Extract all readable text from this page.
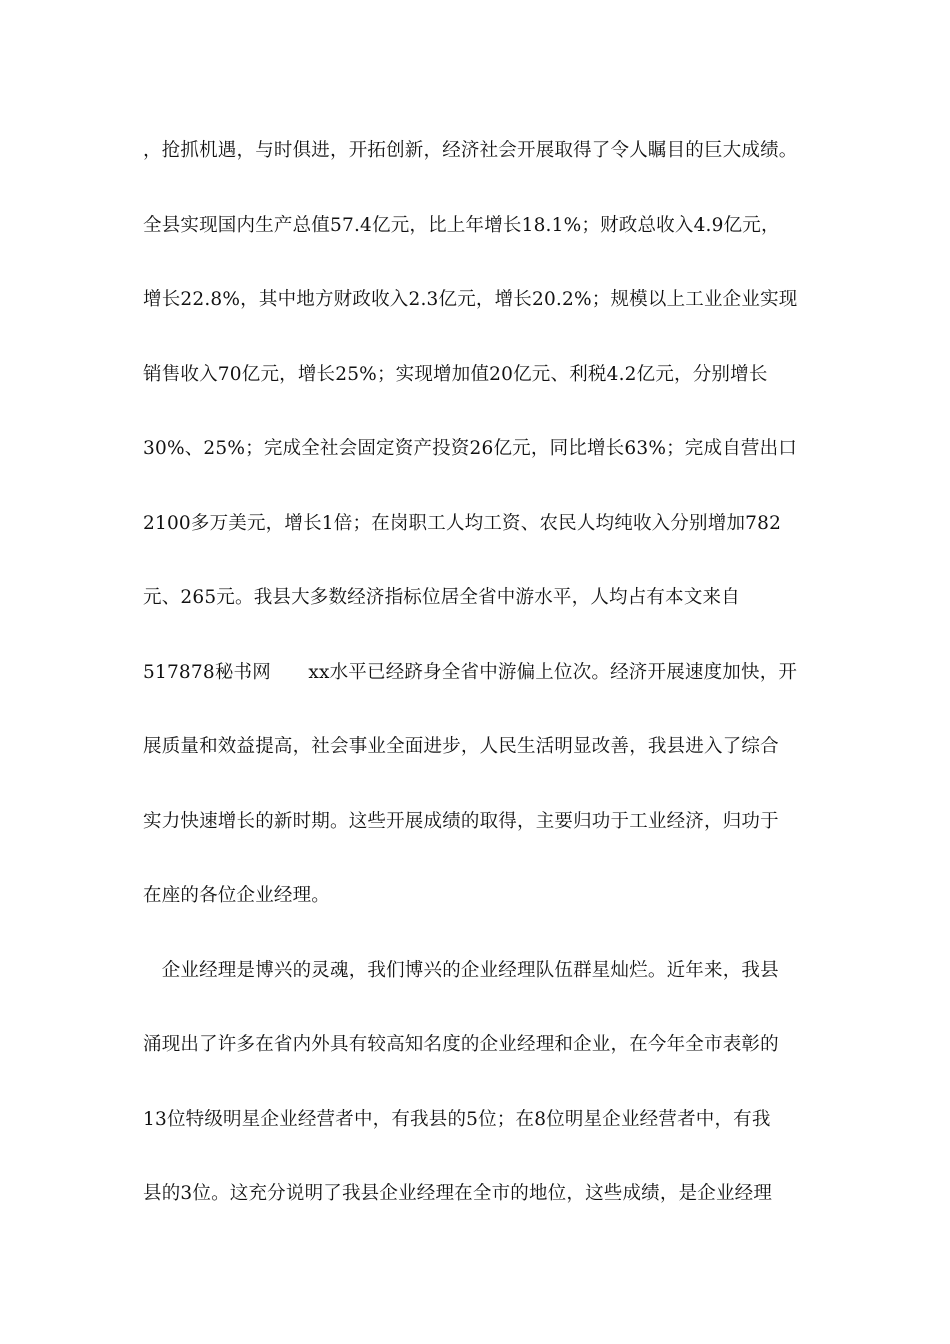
，抢抓机遇，与时俱进，开拓创新，经济社会开展取得了令人瞩目的巨大成绩。
全县实现国内生产总值57.4亿元，比上年增长18.1%；财政总收入4.9亿元，
增长22.8%，其中地方财政收入2.3亿元，增长20.2%；规模以上工业企业实现
销售收入70亿元，增长25%；实现增加值20亿元、利税4.2亿元，分别增长
30%、25%；完成全社会固定资产投资26亿元，同比增长63%；完成自营出口
2100多万美元，增长1倍；在岗职工人均工资、农民人均纯收入分别增加782
元、265元。我县大多数经济指标位居全省中游水平，人均占有本文来自
517878秘书网　　xx水平已经跻身全省中游偏上位次。经济开展速度加快，开
展质量和效益提高，社会事业全面进步，人民生活明显改善，我县进入了综合
实力快速增长的新时期。这些开展成绩的取得，主要归功于工业经济，归功于
在座的各位企业经理。
　企业经理是博兴的灵魂，我们博兴的企业经理队伍群星灿烂。近年来，我县
涌现出了许多在省内外具有较高知名度的企业经理和企业，在今年全市表彰的
13位特级明星企业经营者中，有我县的5位；在8位明星企业经营者中，有我
县的3位。这充分说明了我县企业经理在全市的地位，这些成绩，是企业经理
